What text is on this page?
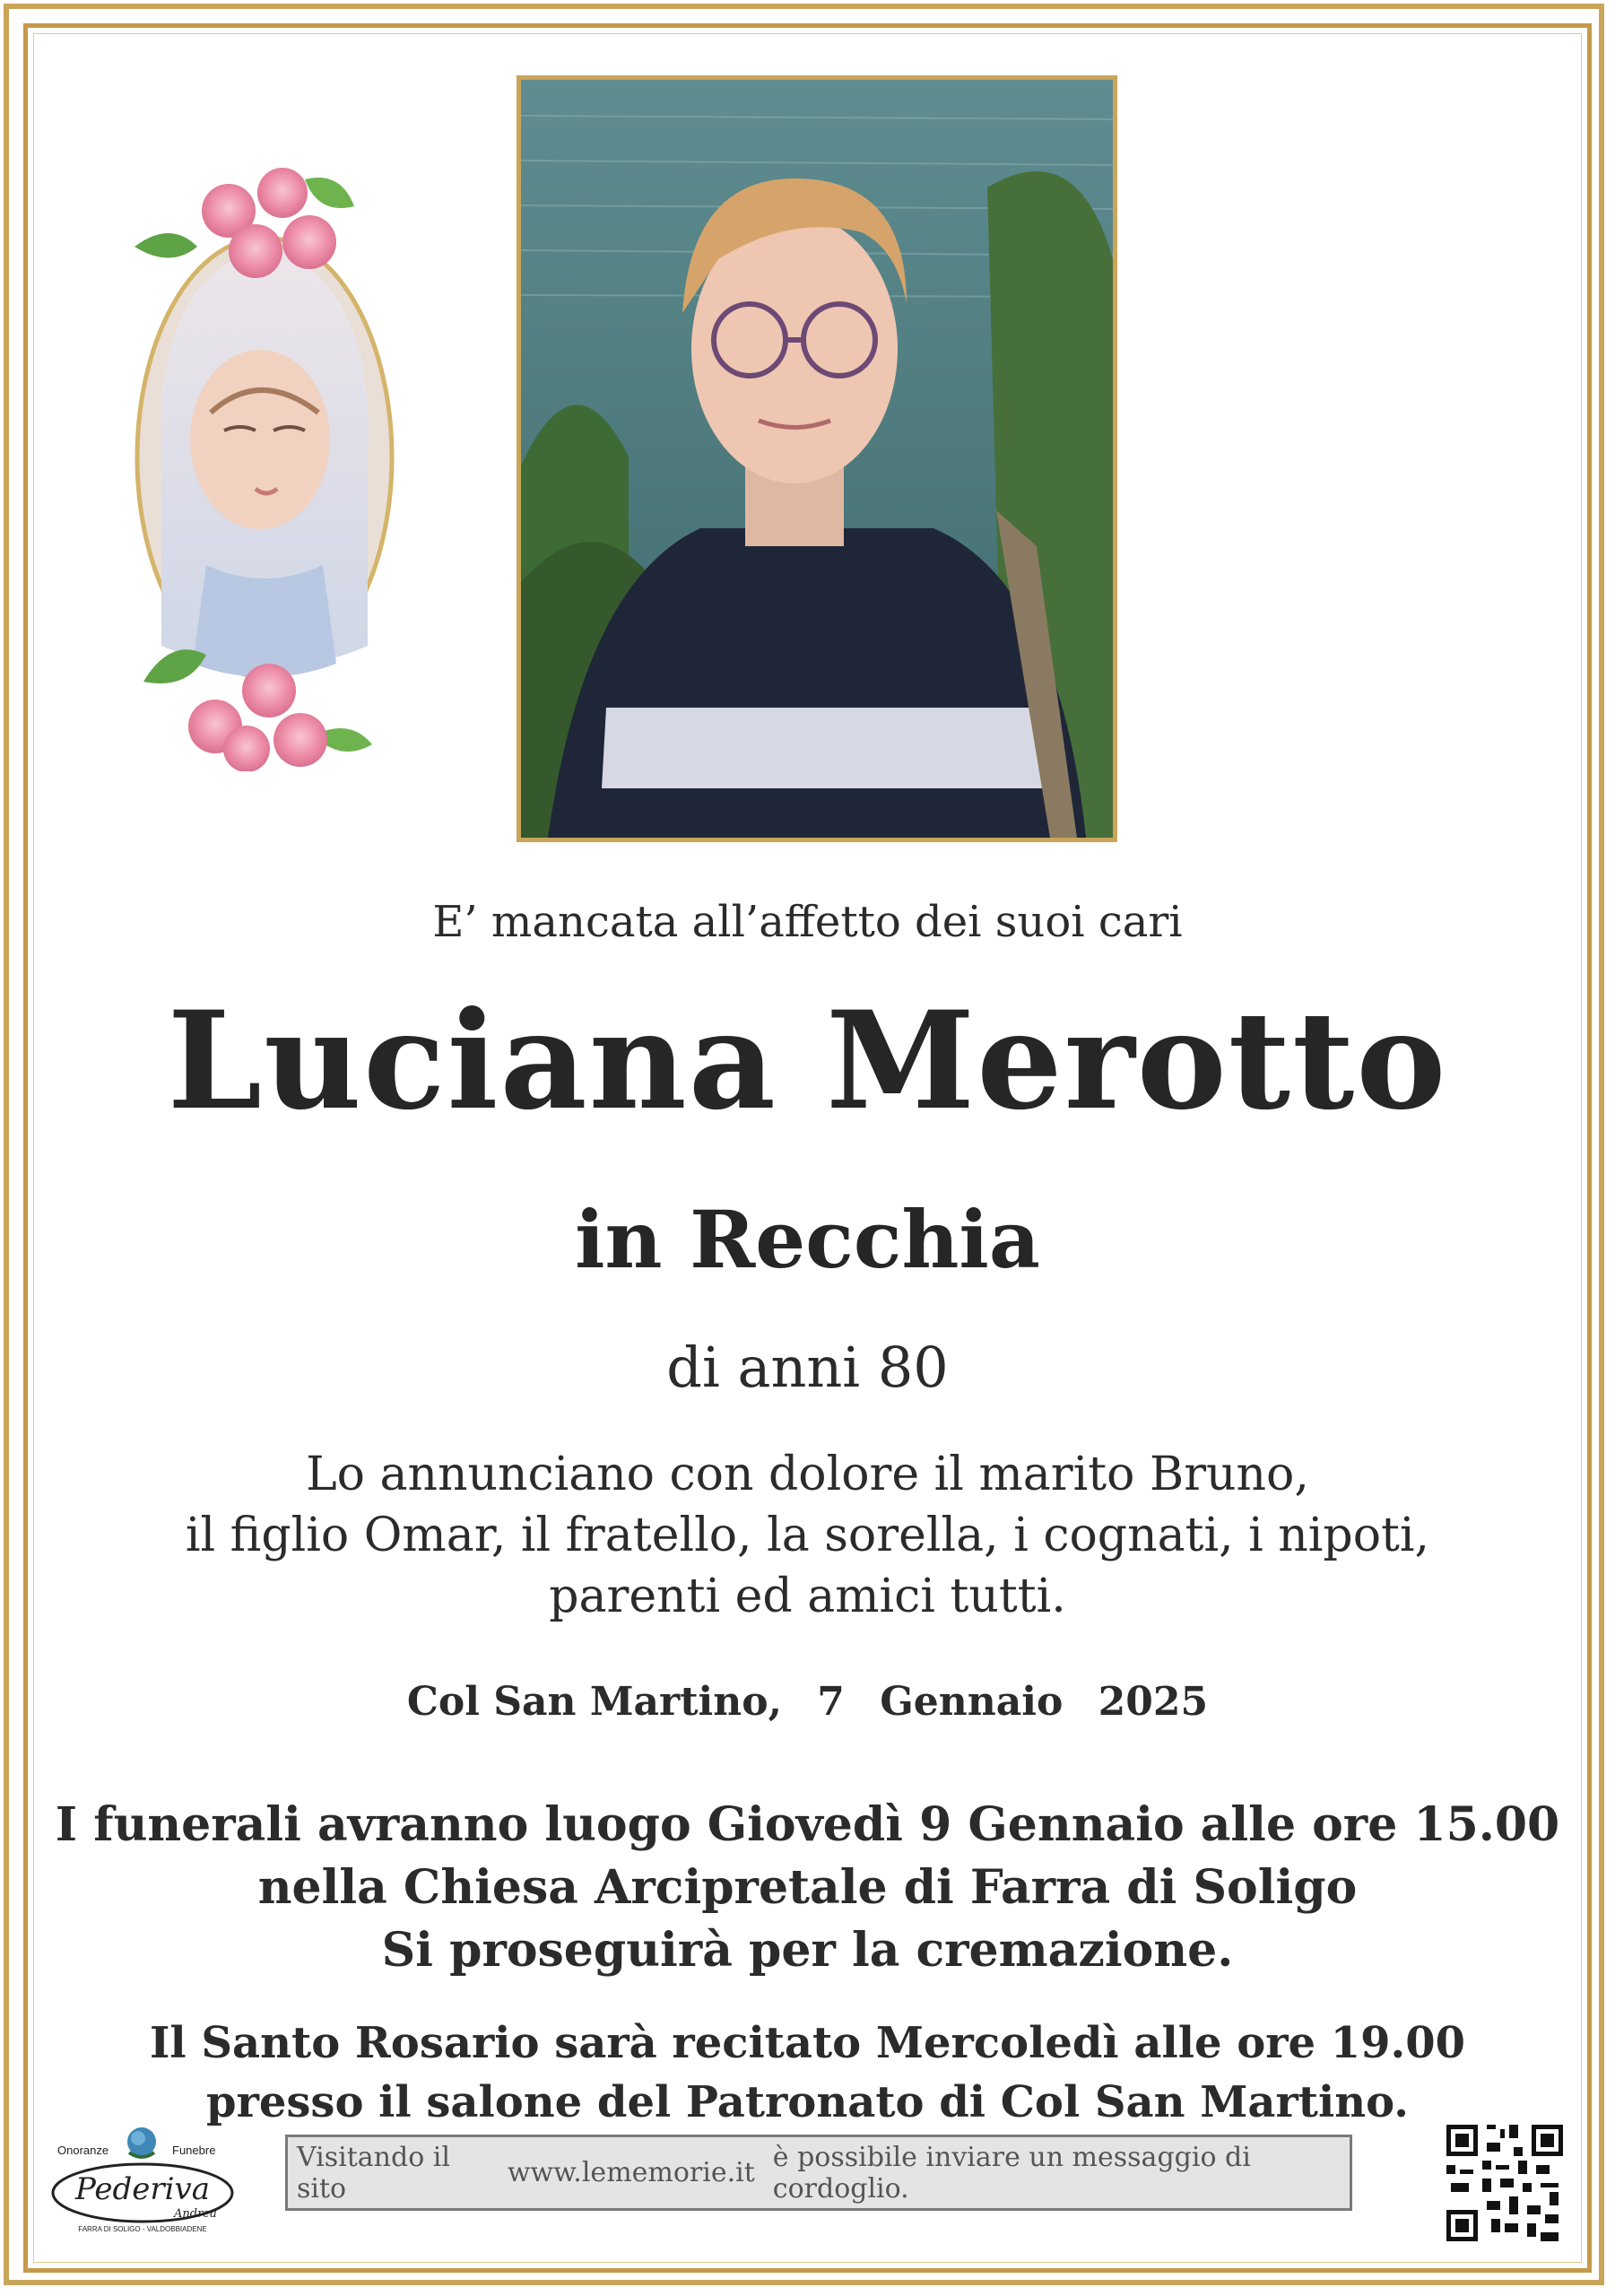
E’ mancata all’affetto dei suoi cari
Luciana Merotto
in Recchia
di anni 80
Lo annunciano con dolore il marito Bruno,
il figlio Omar, il fratello, la sorella, i cognati, i nipoti,
parenti ed amici tutti.
Col San Martino, 7 Gennaio 2025
I funerali avranno luogo Giovedì 9 Gennaio alle ore 15.00
nella Chiesa Arcipretale di Farra di Soligo
Si proseguirà per la cremazione.
Il Santo Rosario sarà recitato Mercoledì alle ore 19.00
presso il salone del Patronato di Col San Martino.
Onoranze	Funebre
Pederiva
Andrea
FARRA DI SOLIGO - VALDOBBIADENE
Visitando il sito	www.lememorie.it è possibile inviare un messaggio di cordoglio.
